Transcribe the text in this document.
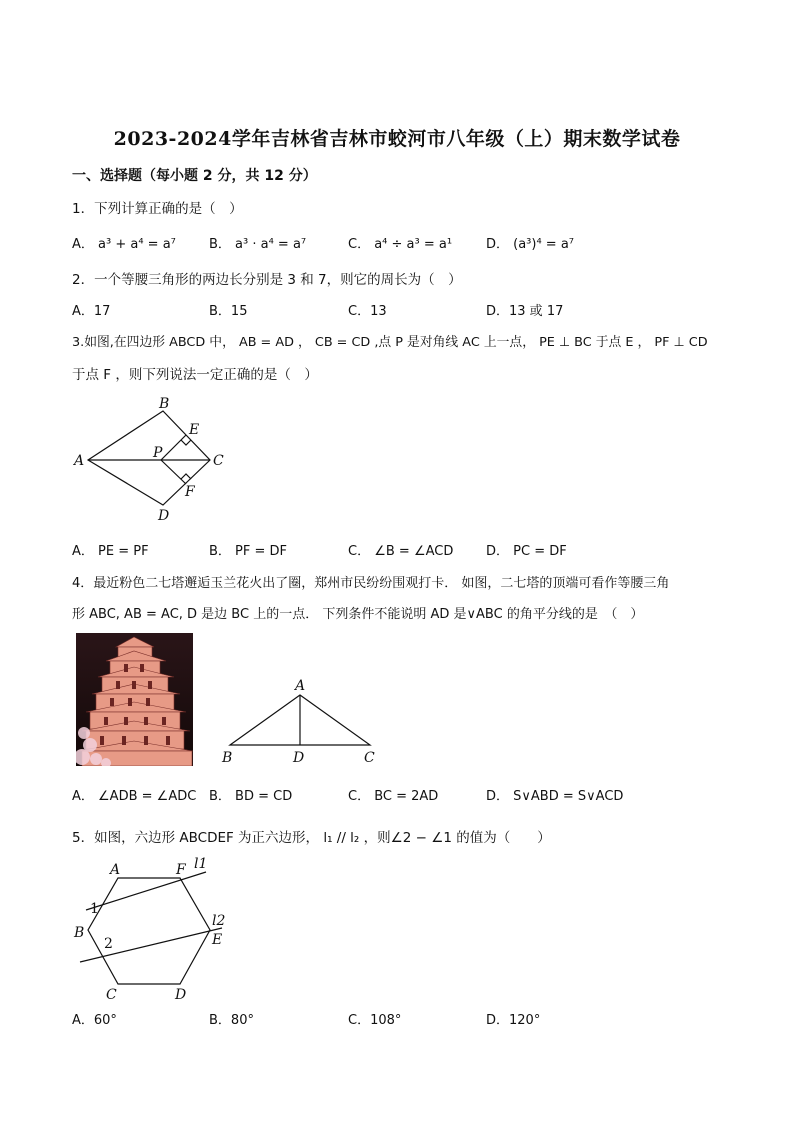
2023-2024学年吉林省吉林市蛟河市八年级（上）期末数学试卷
一、选择题（每小题 2 分，共 12 分）
1．下列计算正确的是（　）
A． a³ + a⁴ = a⁷	B． a³ · a⁴ = a⁷	C． a⁴ ÷ a³ = a¹	D． (a³)⁴ = a⁷
2．一个等腰三角形的两边长分别是 3 和 7，则它的周长为（　）
A．17	B．15	C．13	D．13 或 17
3.如图,在四边形 ABCD 中， AB = AD ， CB = CD ,点 P 是对角线 AC 上一点， PE ⊥ BC 于点 E ， PF ⊥ CD
于点 F ，则下列说法一定正确的是（　）
B
E
A	P	C
F
D
A． PE = PF	B． PF = DF	C． ∠B = ∠ACD	D． PC = DF
4．最近粉色二七塔邂逅玉兰花火出了圈，郑州市民纷纷围观打卡． 如图，二七塔的顶端可看作等腰三角
形 ABC, AB = AC, D 是边 BC 上的一点． 下列条件不能说明 AD 是∨ABC 的角平分线的是　（　）
A
B	D	C
A． ∠ADB = ∠ADC B． BD = CD	C． BC = 2AD	D． S∨ABD = S∨ACD
5．如图，六边形 ABCDEF 为正六边形， l₁ // l₂ ，则∠2 − ∠1 的值为（　　）
A	F l1
1
l2
B	E
2
C	D
A．60°	B．80°	C．108°	D．120°
